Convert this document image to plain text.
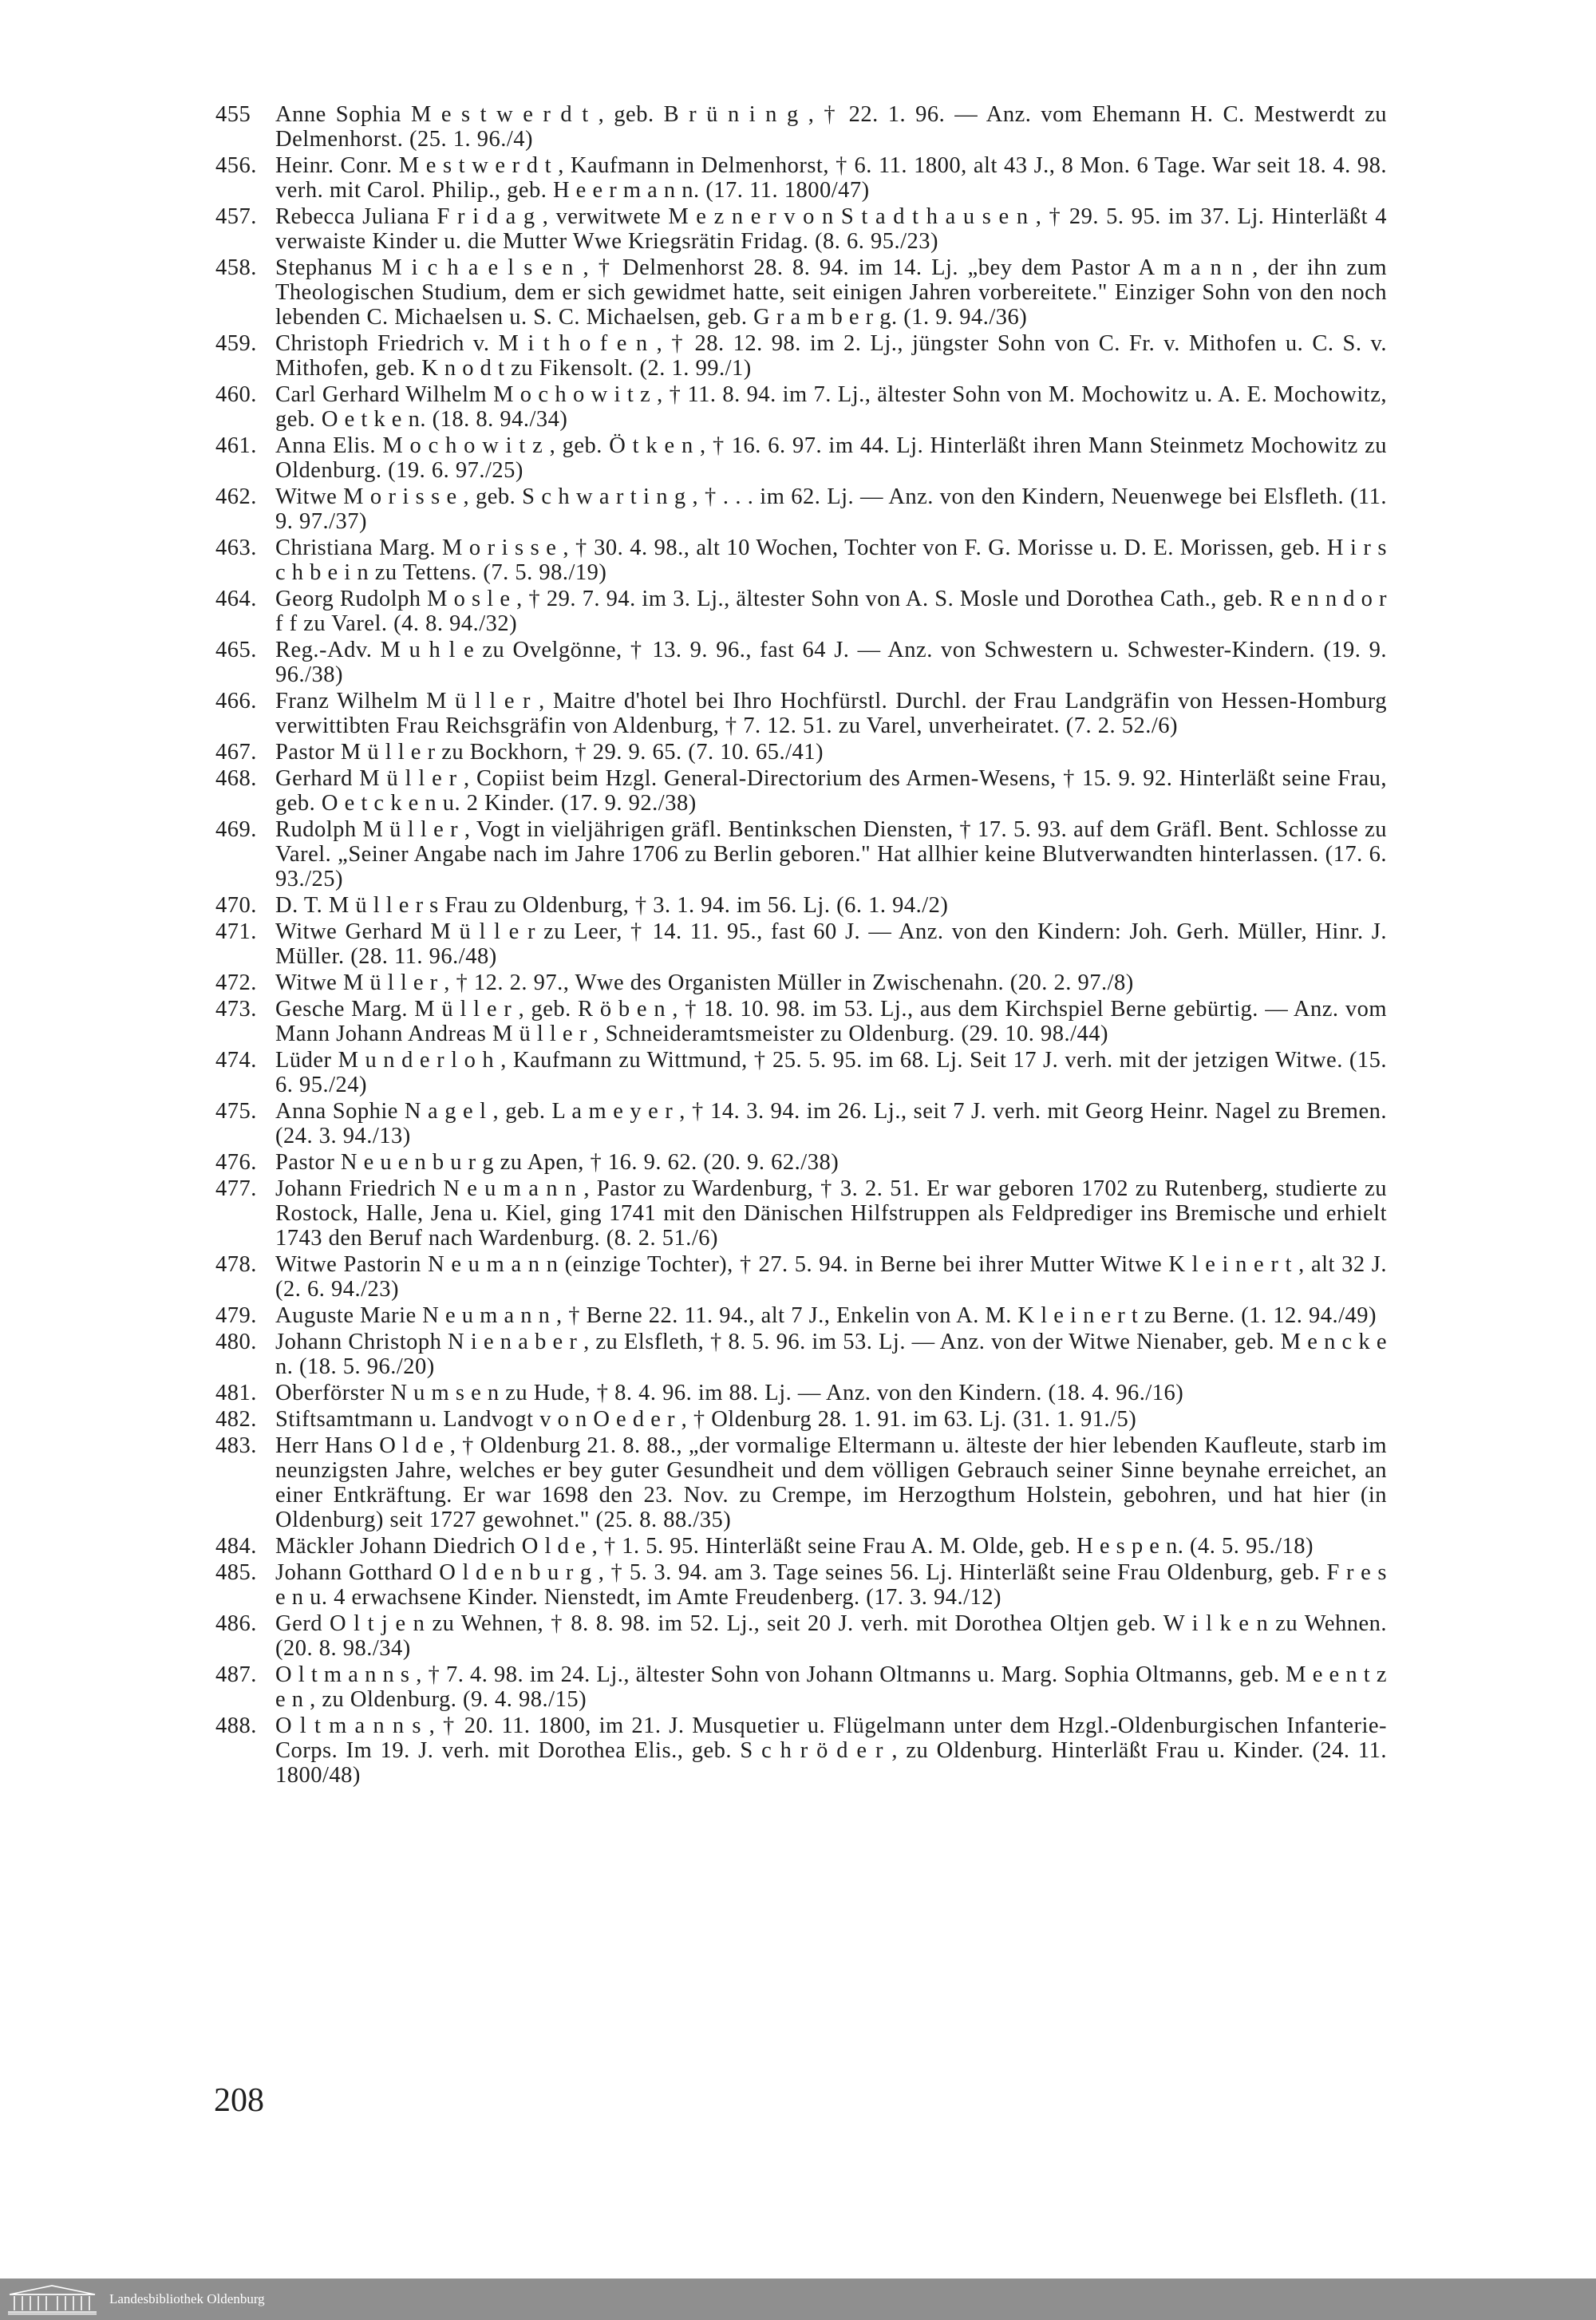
455	Anne Sophia M e s t w e r d t , geb. B r ü n i n g , † 22. 1. 96. — Anz. vom Ehemann H. C. Mestwerdt zu Delmenhorst. (25. 1. 96./4)
456. Heinr. Conr. M e s t w e r d t , Kaufmann in Delmenhorst, † 6. 11. 1800, alt 43 J., 8 Mon. 6 Tage. War seit 18. 4. 98. verh. mit Carol. Philip., geb. H e e r m a n n. (17. 11. 1800/47)
457. Rebecca Juliana F r i d a g , verwitwete M e z n e r v o n S t a d t h a u s e n , † 29. 5. 95. im 37. Lj. Hinterläßt 4 verwaiste Kinder u. die Mutter Wwe Kriegsrätin Fridag. (8. 6. 95./23)
458. Stephanus M i c h a e l s e n , † Delmenhorst 28. 8. 94. im 14. Lj. „bey dem Pastor A m a n n , der ihn zum Theologischen Studium, dem er sich gewidmet hatte, seit einigen Jahren vorbereitete." Einziger Sohn von den noch lebenden C. Michaelsen u. S. C. Michaelsen, geb. G r a m b e r g. (1. 9. 94./36)
459. Christoph Friedrich v. M i t h o f e n , † 28. 12. 98. im 2. Lj., jüngster Sohn von C. Fr. v. Mithofen u. C. S. v. Mithofen, geb. K n o d t zu Fikensolt. (2. 1. 99./1)
460. Carl Gerhard Wilhelm M o c h o w i t z , † 11. 8. 94. im 7. Lj., ältester Sohn von M. Mochowitz u. A. E. Mochowitz, geb. O e t k e n. (18. 8. 94./34)
461. Anna Elis. M o c h o w i t z , geb. Ö t k e n , † 16. 6. 97. im 44. Lj. Hinterläßt ihren Mann Steinmetz Mochowitz zu Oldenburg. (19. 6. 97./25)
462. Witwe M o r i s s e , geb. S c h w a r t i n g , † . . . im 62. Lj. — Anz. von den Kindern, Neuenwege bei Elsfleth. (11. 9. 97./37)
463. Christiana Marg. M o r i s s e , † 30. 4. 98., alt 10 Wochen, Tochter von F. G. Morisse u. D. E. Morissen, geb. H i r s c h b e i n zu Tettens. (7. 5. 98./19)
464. Georg Rudolph M o s l e , † 29. 7. 94. im 3. Lj., ältester Sohn von A. S. Mosle und Dorothea Cath., geb. R e n n d o r f f zu Varel. (4. 8. 94./32)
465. Reg.-Adv. M u h l e zu Ovelgönne, † 13. 9. 96., fast 64 J. — Anz. von Schwestern u. Schwester-Kindern. (19. 9. 96./38)
466. Franz Wilhelm M ü l l e r , Maitre d'hotel bei Ihro Hochfürstl. Durchl. der Frau Landgräfin von Hessen-Homburg verwittibten Frau Reichsgräfin von Aldenburg, † 7. 12. 51. zu Varel, unverheiratet. (7. 2. 52./6)
467. Pastor M ü l l e r zu Bockhorn, † 29. 9. 65. (7. 10. 65./41)
468. Gerhard M ü l l e r , Copiist beim Hzgl. General-Directorium des Armen-Wesens, † 15. 9. 92. Hinterläßt seine Frau, geb. O e t c k e n u. 2 Kinder. (17. 9. 92./38)
469. Rudolph M ü l l e r , Vogt in vieljährigen gräfl. Bentinkschen Diensten, † 17. 5. 93. auf dem Gräfl. Bent. Schlosse zu Varel. „Seiner Angabe nach im Jahre 1706 zu Berlin geboren." Hat allhier keine Blutverwandten hinterlassen. (17. 6. 93./25)
470. D. T. M ü l l e r s Frau zu Oldenburg, † 3. 1. 94. im 56. Lj. (6. 1. 94./2)
471. Witwe Gerhard M ü l l e r zu Leer, † 14. 11. 95., fast 60 J. — Anz. von den Kindern: Joh. Gerh. Müller, Hinr. J. Müller. (28. 11. 96./48)
472. Witwe M ü l l e r , † 12. 2. 97., Wwe des Organisten Müller in Zwischenahn. (20. 2. 97./8)
473. Gesche Marg. M ü l l e r , geb. R ö b e n , † 18. 10. 98. im 53. Lj., aus dem Kirchspiel Berne gebürtig. — Anz. vom Mann Johann Andreas M ü l l e r , Schneideramtsmeister zu Oldenburg. (29. 10. 98./44)
474. Lüder M u n d e r l o h , Kaufmann zu Wittmund, † 25. 5. 95. im 68. Lj. Seit 17 J. verh. mit der jetzigen Witwe. (15. 6. 95./24)
475. Anna Sophie N a g e l , geb. L a m e y e r , † 14. 3. 94. im 26. Lj., seit 7 J. verh. mit Georg Heinr. Nagel zu Bremen. (24. 3. 94./13)
476. Pastor N e u e n b u r g zu Apen, † 16. 9. 62. (20. 9. 62./38)
477. Johann Friedrich N e u m a n n , Pastor zu Wardenburg, † 3. 2. 51. Er war geboren 1702 zu Rutenberg, studierte zu Rostock, Halle, Jena u. Kiel, ging 1741 mit den Dänischen Hilfstruppen als Feldprediger ins Bremische und erhielt 1743 den Beruf nach Wardenburg. (8. 2. 51./6)
478. Witwe Pastorin N e u m a n n (einzige Tochter), † 27. 5. 94. in Berne bei ihrer Mutter Witwe K l e i n e r t , alt 32 J. (2. 6. 94./23)
479. Auguste Marie N e u m a n n , † Berne 22. 11. 94., alt 7 J., Enkelin von A. M. K l e i n e r t zu Berne. (1. 12. 94./49)
480. Johann Christoph N i e n a b e r , zu Elsfleth, † 8. 5. 96. im 53. Lj. — Anz. von der Witwe Nienaber, geb. M e n c k e n. (18. 5. 96./20)
481. Oberförster N u m s e n zu Hude, † 8. 4. 96. im 88. Lj. — Anz. von den Kindern. (18. 4. 96./16)
482. Stiftsamtmann u. Landvogt v o n O e d e r , † Oldenburg 28. 1. 91. im 63. Lj. (31. 1. 91./5)
483. Herr Hans O l d e , † Oldenburg 21. 8. 88., „der vormalige Eltermann u. älteste der hier lebenden Kaufleute, starb im neunzigsten Jahre, welches er bey guter Gesundheit und dem völligen Gebrauch seiner Sinne beynahe erreichet, an einer Entkräftung. Er war 1698 den 23. Nov. zu Crempe, im Herzogthum Holstein, gebohren, und hat hier (in Oldenburg) seit 1727 gewohnet." (25. 8. 88./35)
484. Mäckler Johann Diedrich O l d e , † 1. 5. 95. Hinterläßt seine Frau A. M. Olde, geb. H e s p e n. (4. 5. 95./18)
485. Johann Gotthard O l d e n b u r g , † 5. 3. 94. am 3. Tage seines 56. Lj. Hinterläßt seine Frau Oldenburg, geb. F r e s e n u. 4 erwachsene Kinder. Nienstedt, im Amte Freudenberg. (17. 3. 94./12)
486. Gerd O l t j e n zu Wehnen, † 8. 8. 98. im 52. Lj., seit 20 J. verh. mit Dorothea Oltjen geb. W i l k e n zu Wehnen. (20. 8. 98./34)
487. O l t m a n n s , † 7. 4. 98. im 24. Lj., ältester Sohn von Johann Oltmanns u. Marg. Sophia Oltmanns, geb. M e e n t z e n , zu Oldenburg. (9. 4. 98./15)
488. O l t m a n n s , † 20. 11. 1800, im 21. J. Musquetier u. Flügelmann unter dem Hzgl.-Oldenburgischen Infanterie-Corps. Im 19. J. verh. mit Dorothea Elis., geb. S c h r ö d e r , zu Oldenburg. Hinterläßt Frau u. Kinder. (24. 11. 1800/48)
208
Landesbibliothek Oldenburg
